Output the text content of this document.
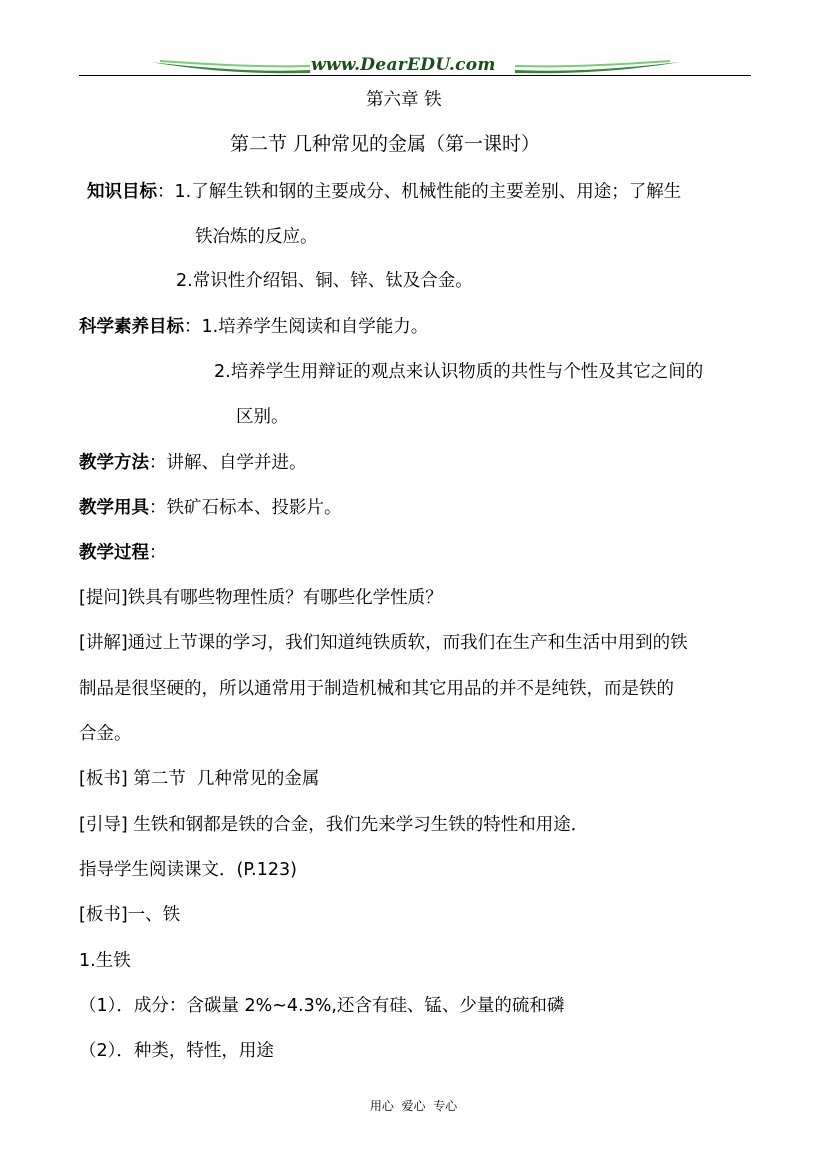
www.DearEDU.com
第六章 铁
第二节 几种常见的金属（第一课时）
知识目标：1.了解生铁和钢的主要成分、机械性能的主要差别、用途；了解生
铁冶炼的反应。
2.常识性介绍铝、铜、锌、钛及合金。
科学素养目标：1.培养学生阅读和自学能力。
2.培养学生用辩证的观点来认识物质的共性与个性及其它之间的
区别。
教学方法：讲解、自学并进。
教学用具：铁矿石标本、投影片。
教学过程：
[提问]铁具有哪些物理性质？有哪些化学性质？
[讲解]通过上节课的学习，我们知道纯铁质软，而我们在生产和生活中用到的铁
制品是很坚硬的，所以通常用于制造机械和其它用品的并不是纯铁，而是铁的
合金。
[板书] 第二节  几种常见的金属
[引导] 生铁和钢都是铁的合金，我们先来学习生铁的特性和用途．
指导学生阅读课文．(P.123)
[板书]一、铁
1.生铁
（1）．成分：含碳量 2%~4.3%,还含有硅、锰、少量的硫和磷
（2）．种类，特性，用途
用心  爱心  专心
